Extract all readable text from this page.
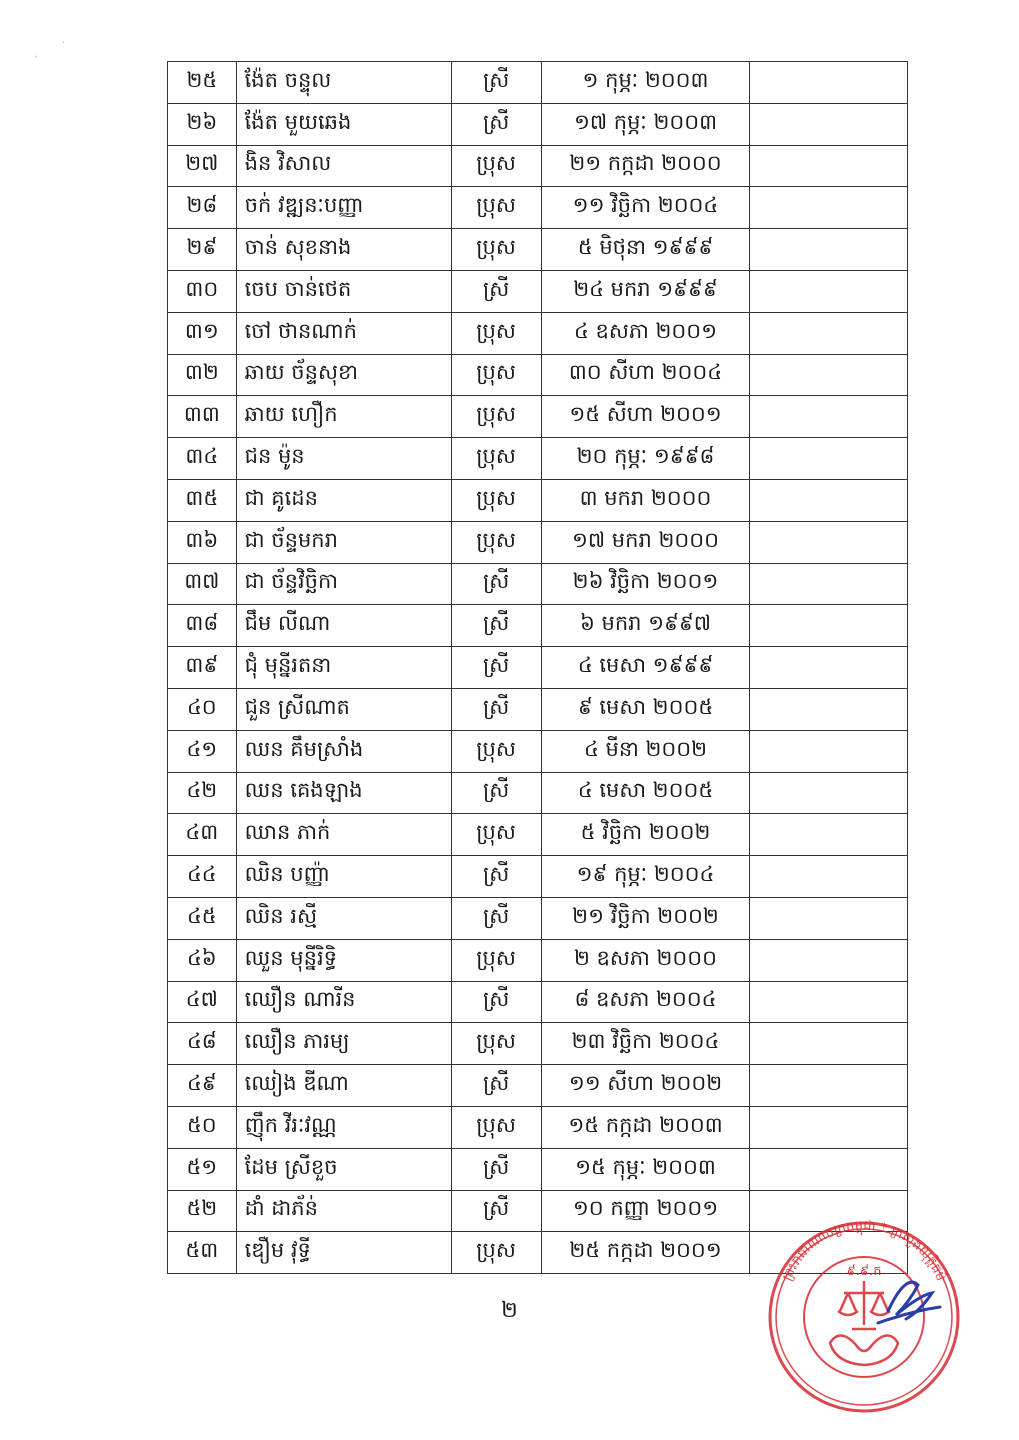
·
`
២៥	ង៉ែត ចន្ទុល	ស្រី	១ កុម្ភៈ ២០០៣	
២៦	ង៉ែត មួយឆេង	ស្រី	១៧ កុម្ភៈ ២០០៣	
២៧	ងិន វិសាល	ប្រុស	២១ កក្កដា ២០០០	
២៨	ចក់ វឌ្ឍនៈបញ្ញា	ប្រុស	១១ វិច្ឆិកា ២០០៤	
២៩	ចាន់ សុខនាង	ប្រុស	៥ មិថុនា ១៩៩៩	
៣០	ចេប ចាន់ថេត	ស្រី	២៤ មករា ១៩៩៩	
៣១	ចៅ ថានណាក់	ប្រុស	៤ ឧសភា ២០០១	
៣២	ឆាយ ច័ន្ទសុខា	ប្រុស	៣០ សីហា ២០០៤	
៣៣	ឆាយ ហឿក	ប្រុស	១៥ សីហា ២០០១	
៣៤	ជន ម៉ូន	ប្រុស	២០ កុម្ភៈ ១៩៩៨	
៣៥	ជា គូដេន	ប្រុស	៣ មករា ២០០០	
៣៦	ជា ច័ន្ទមករា	ប្រុស	១៧ មករា ២០០០	
៣៧	ជា ច័ន្ទវិច្ឆិកា	ស្រី	២៦ វិច្ឆិកា ២០០១	
៣៨	ជឹម លីណា	ស្រី	៦ មករា ១៩៩៧	
៣៩	ជុំ មុន្នីរតនា	ស្រី	៤ មេសា ១៩៩៩	
៤០	ជួន ស្រីណាត	ស្រី	៩ មេសា ២០០៥	
៤១	ឈន គឹមស្រាំង	ប្រុស	៤ មីនា ២០០២	
៤២	ឈន គេងឡាង	ស្រី	៤ មេសា ២០០៥	
៤៣	ឈាន ភាក់	ប្រុស	៥ វិច្ឆិកា ២០០២	
៤៤	ឈិន បញ្ញ៉ា	ស្រី	១៩ កុម្ភៈ ២០០៤	
៤៥	ឈិន រស្មី	ស្រី	២១ វិច្ឆិកា ២០០២	
៤៦	ឈួន មុន្នីរិទ្ធិ	ប្រុស	២ ឧសភា ២០០០	
៤៧	ឈឿន ណារីន	ស្រី	៨ ឧសភា ២០០៤	
៤៨	ឈឿន ភារម្យ	ប្រុស	២៣ វិច្ឆិកា ២០០៤	
៤៩	ឈៀង ឌីណា	ស្រី	១១ សីហា ២០០២	
៥០	ញ៉ឹក វីរៈវណ្ណ	ប្រុស	១៥ កក្កដា ២០០៣	
៥១	ដែម ស្រីខួច	ស្រី	១៥ កុម្ភៈ ២០០៣	
៥២	ដាំ ដាភ័ន់	ស្រី	១០ កញ្ញា ២០០១	
៥៣	ឌឿម វុទ្ធី	ប្រុស	២៥ កក្កដា ២០០១	
២
ព្រះរាជាណាចក្រកម្ពុជា * ក្រសួងយុត្តិធម៌
៩.៩.ក
